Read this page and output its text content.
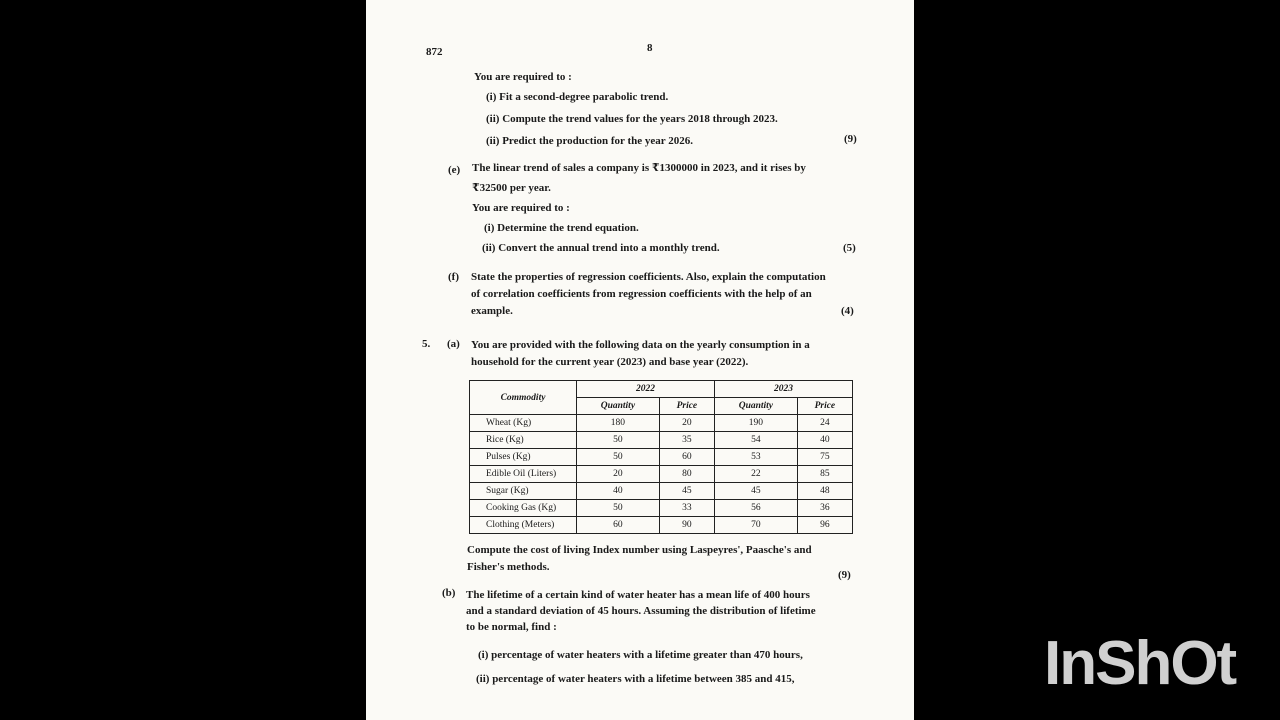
872	8
You are required to :
(i) Fit a second-degree parabolic trend.
(ii) Compute the trend values for the years 2018 through 2023.
(ii) Predict the production for the year 2026.	(9)
(e) The linear trend of sales a company is ₹1300000 in 2023, and it rises by
₹32500 per year.
You are required to :
(i) Determine the trend equation.
(ii) Convert the annual trend into a monthly trend.	(5)
(f) State the properties of regression coefficients. Also, explain the computation
of correlation coefficients from regression coefficients with the help of an
example.	(4)
5. (a) You are provided with the following data on the yearly consumption in a
household for the current year (2023) and base year (2022).
Commodity	2022		2023	
	Quantity	Price	Quantity	Price
Wheat (Kg)	180	20	190	24
Rice (Kg)	50	35	54	40
Pulses (Kg)	50	60	53	75
Edible Oil (Liters)	20	80	22	85
Sugar (Kg)	40	45	45	48
Cooking Gas (Kg)	50	33	56	36
Clothing (Meters)	60	90	70	96
Compute the cost of living Index number using Laspeyres', Paasche's and
Fisher's methods.
(9)
(b) The lifetime of a certain kind of water heater has a mean life of 400 hours
and a standard deviation of 45 hours. Assuming the distribution of lifetime
to be normal, find :
(i) percentage of water heaters with a lifetime greater than 470 hours,
(ii) percentage of water heaters with a lifetime between 385 and 415,	InShOt
